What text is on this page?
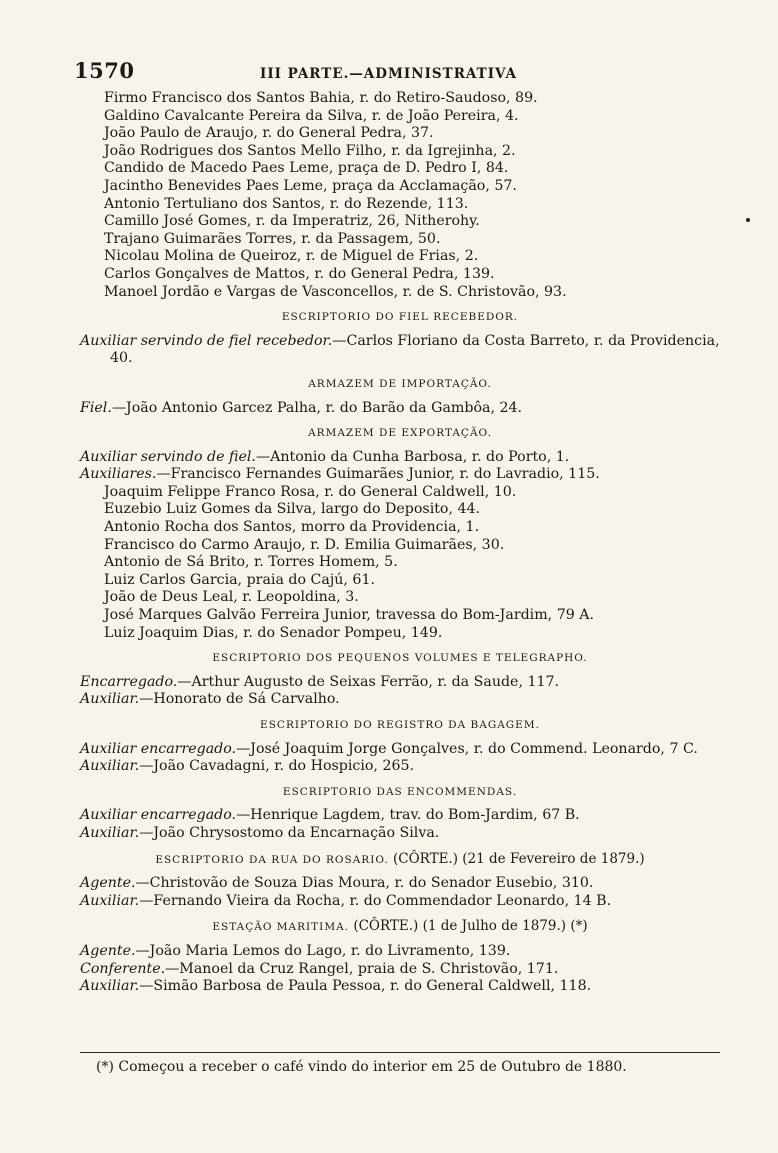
1570	III PARTE.—ADMINISTRATIVA
Firmo Francisco dos Santos Bahia, r. do Retiro-Saudoso, 89.
Galdino Cavalcante Pereira da Silva, r. de João Pereira, 4.
João Paulo de Araujo, r. do General Pedra, 37.
João Rodrigues dos Santos Mello Filho, r. da Igrejinha, 2.
Candido de Macedo Paes Leme, praça de D. Pedro I, 84.
Jacintho Benevides Paes Leme, praça da Acclamação, 57.
Antonio Tertuliano dos Santos, r. do Rezende, 113.
Camillo José Gomes, r. da Imperatriz, 26, Nitherohy.
Trajano Guimarães Torres, r. da Passagem, 50.
Nicolau Molina de Queiroz, r. de Miguel de Frias, 2.
Carlos Gonçalves de Mattos, r. do General Pedra, 139.
Manoel Jordão e Vargas de Vasconcellos, r. de S. Christovão, 93.
ESCRIPTORIO DO FIEL RECEBEDOR.
Auxiliar servindo de fiel recebedor.—Carlos Floriano da Costa Barreto, r. da Providencia, 40.
ARMAZEM DE IMPORTAÇÃO.
Fiel.—João Antonio Garcez Palha, r. do Barão da Gambôa, 24.
ARMAZEM DE EXPORTAÇÃO.
Auxiliar servindo de fiel.—Antonio da Cunha Barbosa, r. do Porto, 1.
Auxiliares.—Francisco Fernandes Guimarães Junior, r. do Lavradio, 115.
Joaquim Felippe Franco Rosa, r. do General Caldwell, 10.
Euzebio Luiz Gomes da Silva, largo do Deposito, 44.
Antonio Rocha dos Santos, morro da Providencia, 1.
Francisco do Carmo Araujo, r. D. Emilia Guimarães, 30.
Antonio de Sá Brito, r. Torres Homem, 5.
Luiz Carlos Garcia, praia do Cajú, 61.
João de Deus Leal, r. Leopoldina, 3.
José Marques Galvão Ferreira Junior, travessa do Bom-Jardim, 79 A.
Luiz Joaquim Dias, r. do Senador Pompeu, 149.
ESCRIPTORIO DOS PEQUENOS VOLUMES E TELEGRAPHO.
Encarregado.—Arthur Augusto de Seixas Ferrão, r. da Saude, 117.
Auxiliar.—Honorato de Sá Carvalho.
ESCRIPTORIO DO REGISTRO DA BAGAGEM.
Auxiliar encarregado.—José Joaquim Jorge Gonçalves, r. do Commend. Leonardo, 7 C.
Auxiliar.—João Cavadagni, r. do Hospicio, 265.
ESCRIPTORIO DAS ENCOMMENDAS.
Auxiliar encarregado.—Henrique Lagdem, trav. do Bom-Jardim, 67 B.
Auxiliar.—João Chrysostomo da Encarnação Silva.
ESCRIPTORIO DA RUA DO ROSARIO. (CÔRTE.) (21 de Fevereiro de 1879.)
Agente.—Christovão de Souza Dias Moura, r. do Senador Eusebio, 310.
Auxiliar.—Fernando Vieira da Rocha, r. do Commendador Leonardo, 14 B.
ESTAÇÃO MARITIMA. (CÔRTE.) (1 de Julho de 1879.) (*)
Agente.—João Maria Lemos do Lago, r. do Livramento, 139.
Conferente.—Manoel da Cruz Rangel, praia de S. Christovão, 171.
Auxiliar.—Simão Barbosa de Paula Pessoa, r. do General Caldwell, 118.
(*) Começou a receber o café vindo do interior em 25 de Outubro de 1880.
